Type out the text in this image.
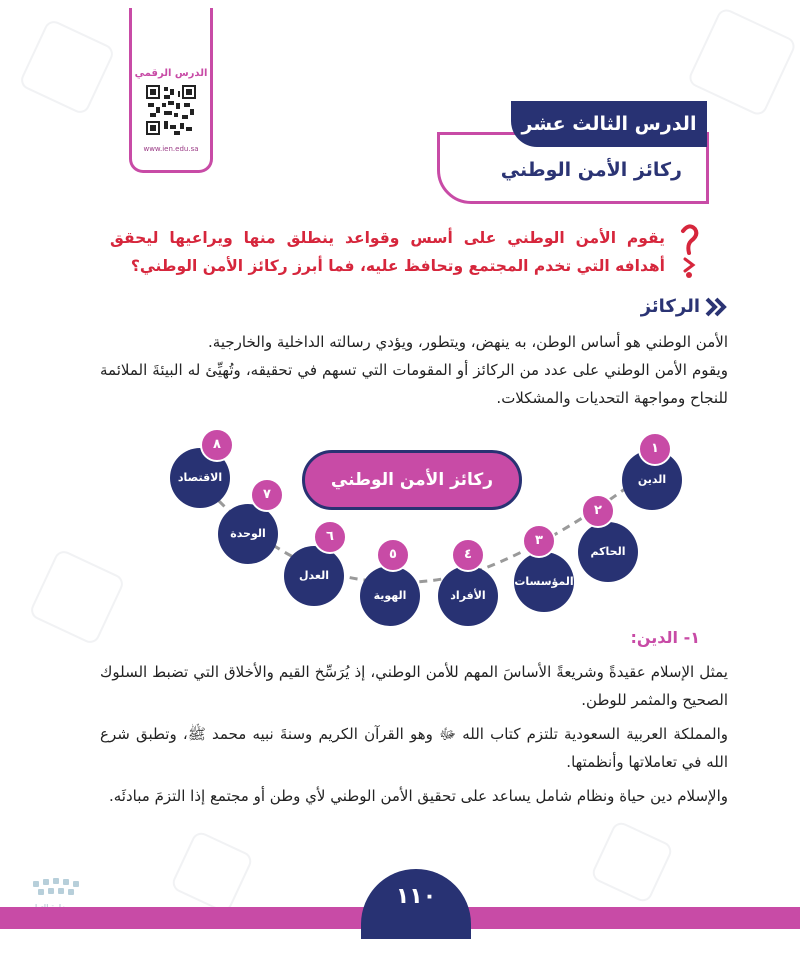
الدرس الرقمي
www.ien.edu.sa
ركائز الأمن الوطني
الدرس الثالث عشر
يقوم الأمن الوطني على أسس وقواعد ينطلق منها ويراعيها ليحقق أهدافه التي تخدم المجتمع وتحافظ عليه، فما أبرز ركائز الأمن الوطني؟
الركائز
الأمن الوطني هو أساس الوطن، به ينهض، ويتطور، ويؤدي رسالته الداخلية والخارجية.
ويقوم الأمن الوطني على عدد من الركائز أو المقومات التي تسهم في تحقيقه، وتُهيِّئ له البيئةَ الملائمة للنجاح ومواجهة التحديات والمشكلات.
ركائز الأمن الوطني	الدين
١
الحاكم
٢
المؤسسات
٣
الأفراد
٤
الهوية
٥
العدل
٦
الوحدة
٧
الاقتصاد
٨
١- الدين:
يمثل الإسلام عقيدةً وشريعةً الأساسَ المهم للأمن الوطني، إذ يُرَسِّخ القيم والأخلاق التي تضبط السلوك الصحيح والمثمر للوطن.
والمملكة العربية السعودية تلتزم كتاب الله ﷻ وهو القرآن الكريم وسنةَ نبيه محمد ﷺ، وتطبق شرع الله في تعاملاتها وأنظمتها.
والإسلام دين حياة ونظام شامل يساعد على تحقيق الأمن الوطني لأي وطن أو مجتمع إذا التزمَ مبادئَه.
١١٠
